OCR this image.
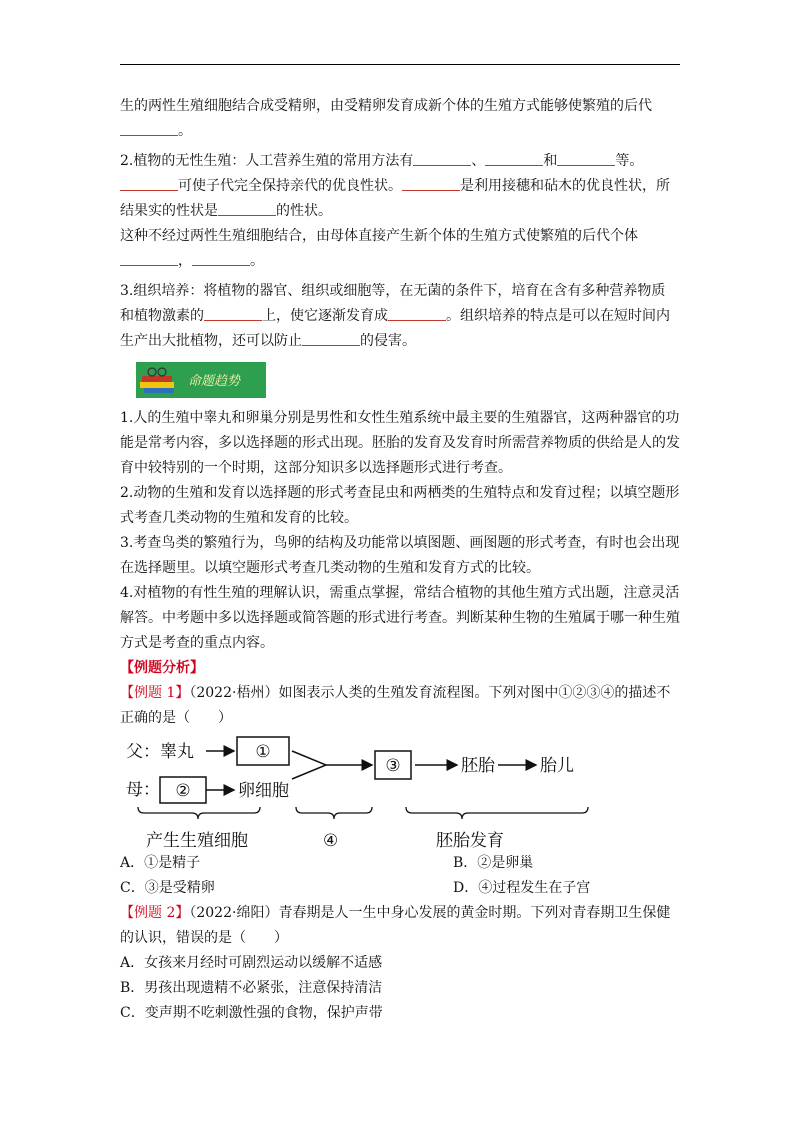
生的两性生殖细胞结合成受精卵，由受精卵发育成新个体的生殖方式能够使繁殖的后代
。

2.植物的无性生殖：人工营养生殖的常用方法有	、	和	等。
可使子代完全保持亲代的优良性状。	是利用接穗和砧木的优良性状，所
结果实的性状是	的性状。
这种不经过两性生殖细胞结合，由母体直接产生新个体的生殖方式使繁殖的后代个体
，	。

3.组织培养：将植物的器官、组织或细胞等，在无菌的条件下，培育在含有多种营养物质
和植物激素的	上，使它逐渐发育成	。组织培养的特点是可以在短时间内
生产出大批植物，还可以防止	的侵害。

命题趋势

1.人的生殖中睾丸和卵巢分别是男性和女性生殖系统中最主要的生殖器官，这两种器官的功能是常考内容，多以选择题的形式出现。胚胎的发育及发育时所需营养物质的供给是人的发育中较特别的一个时期，这部分知识多以选择题形式进行考查。

2.动物的生殖和发育以选择题的形式考查昆虫和两栖类的生殖特点和发育过程；以填空题形式考查几类动物的生殖和发育的比较。

3.考查鸟类的繁殖行为，鸟卵的结构及功能常以填图题、画图题的形式考查，有时也会出现在选择题里。以填空题形式考查几类动物的生殖和发育方式的比较。

4.对植物的有性生殖的理解认识，需重点掌握，常结合植物的其他生殖方式出题，注意灵活解答。中考题中多以选择题或简答题的形式进行考查。判断某种生物的生殖属于哪一种生殖方式是考查的重点内容。

【例题分析】

【例题 1】（2022·梧州）如图表示人类的生殖发育流程图。下列对图中①②③④的描述不正确的是（　　）

父：睾丸	①
母： ②	卵细胞
③	胚胎	胎儿
产生生殖细胞	④	胚胎发育
A．①是精子	B．②是卵巢
C．③是受精卵	D．④过程发生在子宫

【例题 2】（2022·绵阳）青春期是人一生中身心发展的黄金时期。下列对青春期卫生保健的认识，错误的是（　　）

A．女孩来月经时可剧烈运动以缓解不适感

B．男孩出现遗精不必紧张，注意保持清洁

C．变声期不吃刺激性强的食物，保护声带
